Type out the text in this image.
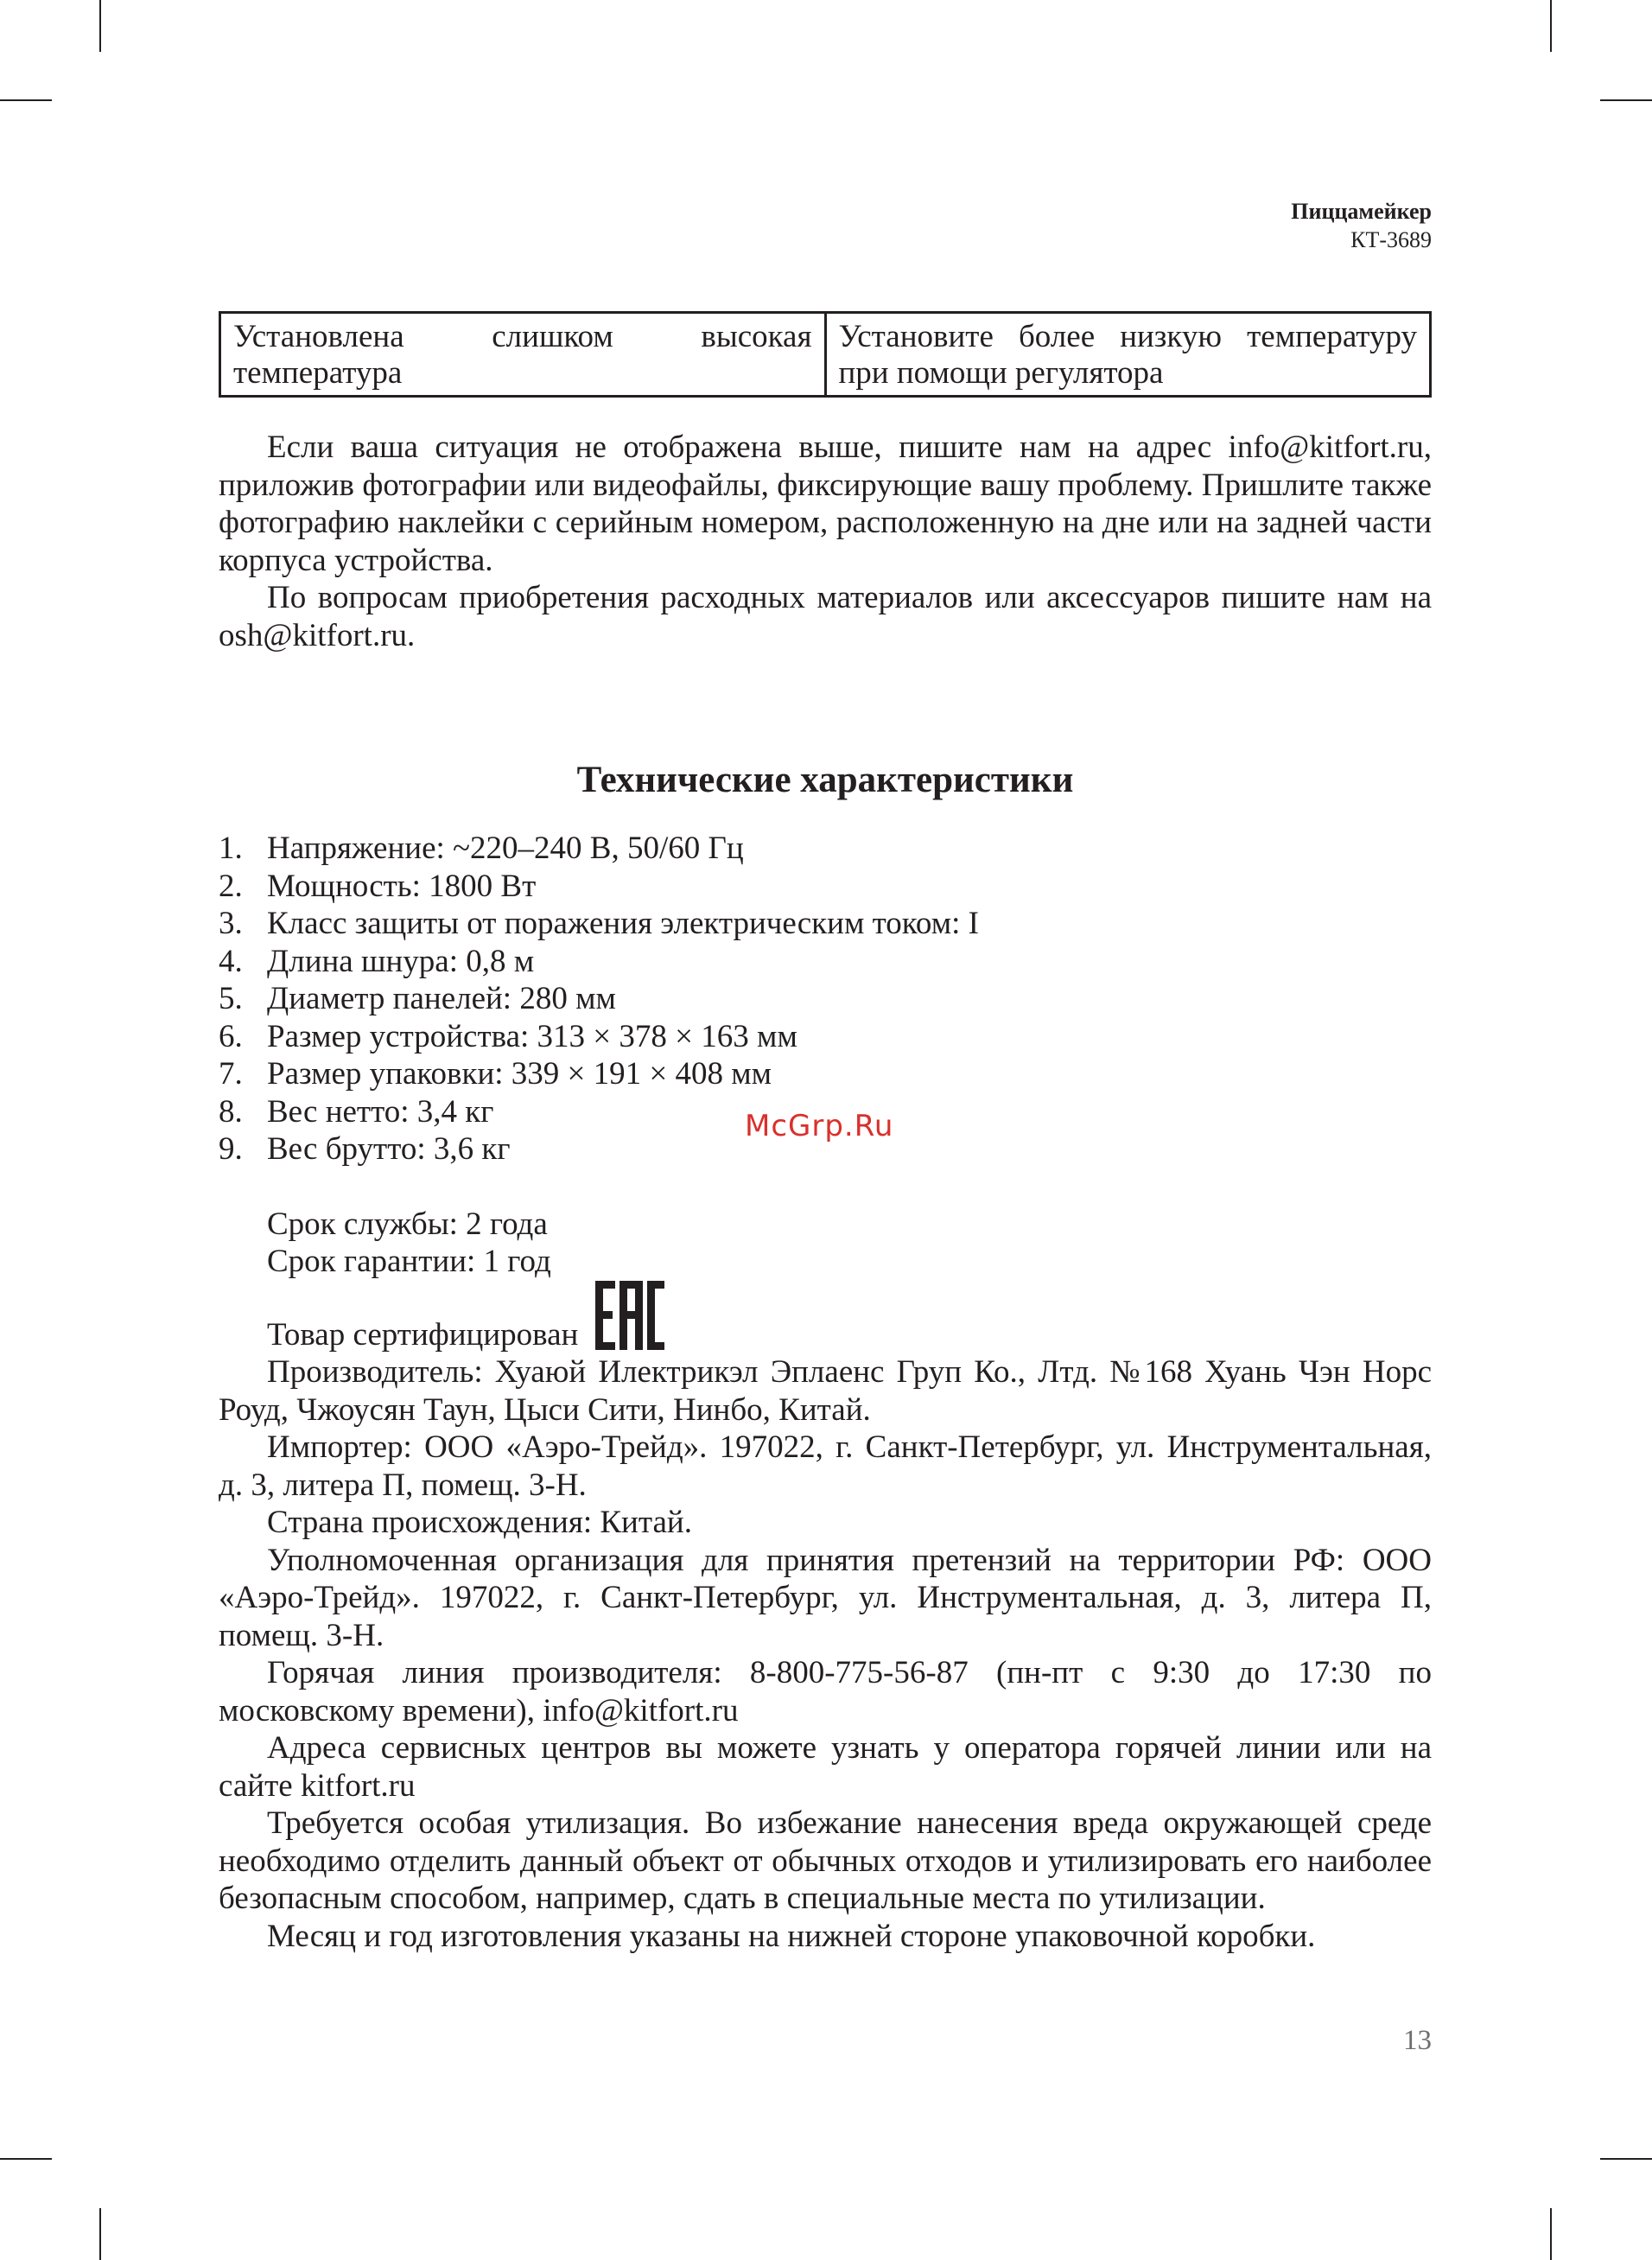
Пиццамейкер
КТ-3689
Установлена слишком высокая температура	Установите более низкую температуру при помощи регулятора

Если ваша ситуация не отображена выше, пишите нам на адрес info@kitfort.ru, приложив фотографии или видеофайлы, фиксирующие вашу проблему. Пришлите также фотографию наклейки с серийным номером, расположенную на дне или на задней части корпуса устройства.

По вопросам приобретения расходных материалов или аксессуаров пишите нам на osh@kitfort.ru.

Технические характеристики
1. Напряжение: ~220–240 В, 50/60 Гц
2. Мощность: 1800 Вт
3. Класс защиты от поражения электрическим током: I
4. Длина шнура: 0,8 м
5. Диаметр панелей: 280 мм
6. Размер устройства: 313 × 378 × 163 мм
7. Размер упаковки: 339 × 191 × 408 мм
8. Вес нетто: 3,4 кг
9. Вес брутто: 3,6 кг
Срок службы: 2 года
Срок гарантии: 1 год
Товар сертифицирован

Производитель: Хуаюй Илектрикэл Эплаенс Груп Ко., Лтд. №168 Хуань Чэн Норс Роуд, Чжоусян Таун, Цыси Сити, Нинбо, Китай.

Импортер: ООО «Аэро-Трейд». 197022, г. Санкт-Петербург, ул. Инструментальная, д. 3, литера П, помещ. 3-Н.

Страна происхождения: Китай.

Уполномоченная организация для принятия претензий на территории РФ: ООО «Аэро-Трейд». 197022, г. Санкт-Петербург, ул. Инструментальная, д. 3, литера П, помещ. 3-Н.

Горячая линия производителя: 8-800-775-56-87 (пн-пт с 9:30 до 17:30 по московскому времени), info@kitfort.ru

Адреса сервисных центров вы можете узнать у оператора горячей линии или на сайте kitfort.ru

Требуется особая утилизация. Во избежание нанесения вреда окружающей среде необходимо отделить данный объект от обычных отходов и утилизировать его наиболее безопасным способом, например, сдать в специальные места по утилизации.

Месяц и год изготовления указаны на нижней стороне упаковочной коробки.

McGrp.Ru
13
